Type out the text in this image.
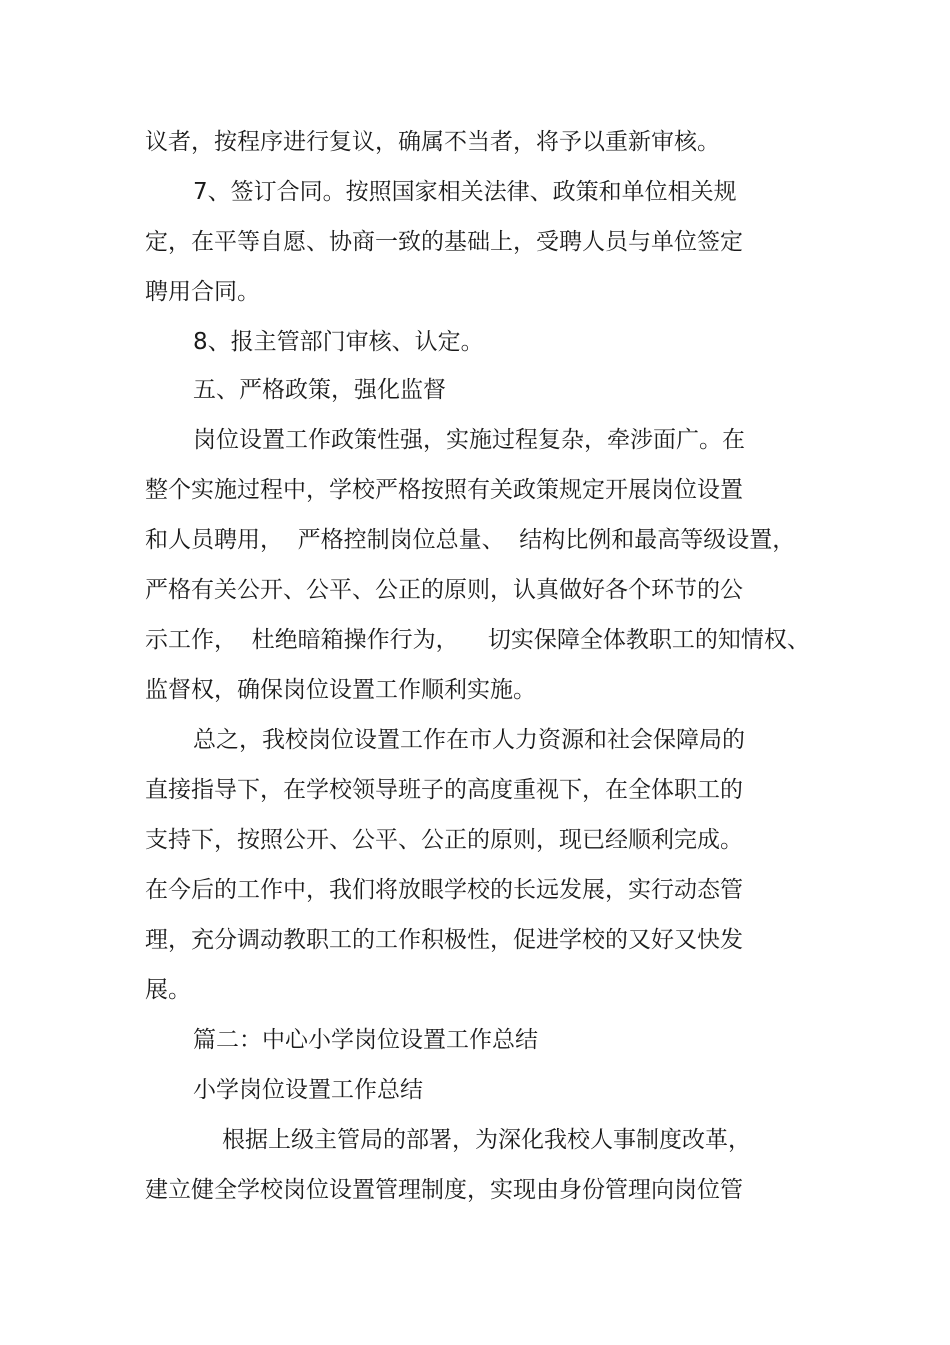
议者，按程序进行复议，确属不当者，将予以重新审核。

7、签订合同。按照国家相关法律、政策和单位相关规

定，在平等自愿、协商一致的基础上，受聘人员与单位签定

聘用合同。

8、报主管部门审核、认定。

五、严格政策，强化监督

岗位设置工作政策性强，实施过程复杂，牵涉面广。在

整个实施过程中，学校严格按照有关政策规定开展岗位设置

和人员聘用，  严格控制岗位总量、  结构比例和最高等级设置，

严格有关公开、公平、公正的原则，认真做好各个环节的公

示工作，  杜绝暗箱操作行为，    切实保障全体教职工的知情权、

监督权，确保岗位设置工作顺利实施。

总之，我校岗位设置工作在市人力资源和社会保障局的

直接指导下，在学校领导班子的高度重视下，在全体职工的

支持下，按照公开、公平、公正的原则，现已经顺利完成。

在今后的工作中，我们将放眼学校的长远发展，实行动态管

理，充分调动教职工的工作积极性，促进学校的又好又快发

展。

篇二：中心小学岗位设置工作总结

小学岗位设置工作总结

根据上级主管局的部署，为深化我校人事制度改革，

建立健全学校岗位设置管理制度，实现由身份管理向岗位管
